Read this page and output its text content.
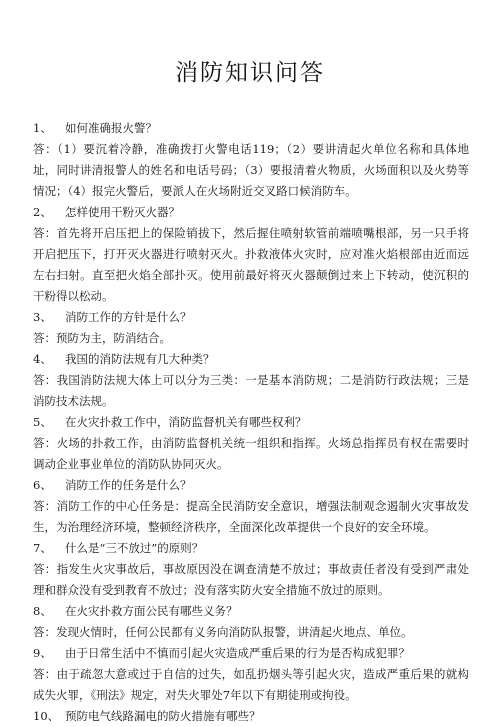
消防知识问答
1、 如何准确报火警？
答：（1）要沉着冷静，准确拨打火警电话119；（2）要讲清起火单位名称和具体地址，同时讲清报警人的姓名和电话号码；（3）要报清着火物质，火场面积以及火势等情况；（4）报完火警后，要派人在火场附近交叉路口候消防车。
2、 怎样使用干粉灭火器？
答：首先将开启压把上的保险销拔下，然后握住喷射软管前端喷嘴根部，另一只手将开启把压下，打开灭火器进行喷射灭火。扑救液体火灾时，应对准火焰根部由近而远左右扫射。直至把火焰全部扑灭。使用前最好将灭火器颠倒过来上下转动，使沉积的干粉得以松动。
3、 消防工作的方针是什么？
答：预防为主，防消结合。
4、 我国的消防法规有几大种类？
答：我国消防法规大体上可以分为三类：一是基本消防规；二是消防行政法规；三是消防技术法规。
5、 在火灾扑救工作中，消防监督机关有哪些权利？
答：火场的扑救工作，由消防监督机关统一组织和指挥。火场总指挥员有权在需要时调动企业事业单位的消防队协同灭火。
6、 消防工作的任务是什么？
答：消防工作的中心任务是：提高全民消防安全意识，增强法制观念遏制火灾事故发生，为治理经济环境，整顿经济秩序，全面深化改革提供一个良好的安全环境。
7、 什么是“三不放过”的原则？
答：指发生火灾事故后，事故原因没在调查清楚不放过；事故责任者没有受到严肃处理和群众没有受到教育不放过；没有落实防火安全措施不放过的原则。
8、 在火灾扑救方面公民有哪些义务？
答：发现火情时，任何公民都有义务向消防队报警，讲清起火地点、单位。
9、 由于日常生活中不慎而引起火灾造成严重后果的行为是否构成犯罪？
答：由于疏忽大意或过于自信的过失，如乱扔烟头等引起火灾，造成严重后果的就构成失火罪，《刑法》规定，对失火罪处7年以下有期徒刑或拘役。
10、 预防电气线路漏电的防火措施有哪些？
